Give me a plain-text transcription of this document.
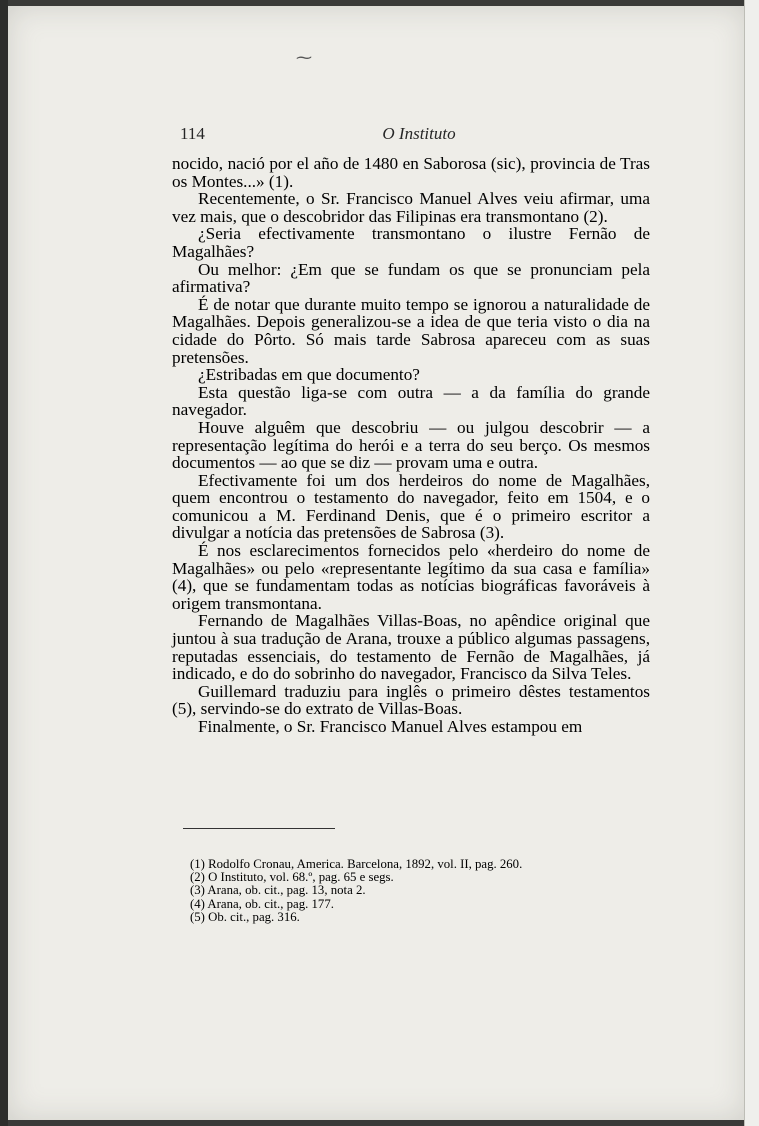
⁓
114	O Instituto

nocido, nació por el año de 1480 en Saborosa (sic), provincia de Tras os Montes...» (1).

Recentemente, o Sr. Francisco Manuel Alves veiu afirmar, uma vez mais, que o descobridor das Filipinas era transmontano (2).

¿Seria efectivamente transmontano o ilustre Fernão de Magalhães?

Ou melhor: ¿Em que se fundam os que se pronunciam pela afirmativa?

É de notar que durante muito tempo se ignorou a naturalidade de Magalhães. Depois generalizou-se a idea de que teria visto o dia na cidade do Pôrto. Só mais tarde Sabrosa apareceu com as suas pretensões.

¿Estribadas em que documento?

Esta questão liga-se com outra — a da família do grande navegador.

Houve alguêm que descobriu — ou julgou descobrir — a representação legítima do herói e a terra do seu berço. Os mesmos documentos — ao que se diz — provam uma e outra.

Efectivamente foi um dos herdeiros do nome de Magalhães, quem encontrou o testamento do navegador, feito em 1504, e o comunicou a M. Ferdinand Denis, que é o primeiro escritor a divulgar a notícia das pretensões de Sabrosa (3).

É nos esclarecimentos fornecidos pelo «herdeiro do nome de Magalhães» ou pelo «representante legítimo da sua casa e família» (4), que se fundamentam todas as notícias biográficas favoráveis à origem transmontana.

Fernando de Magalhães Villas-Boas, no apêndice original que juntou à sua tradução de Arana, trouxe a público algumas passagens, reputadas essenciais, do testamento de Fernão de Magalhães, já indicado, e do do sobrinho do navegador, Francisco da Silva Teles.

Guillemard traduziu para inglês o primeiro dêstes testamentos (5), servindo-se do extrato de Villas-Boas.

Finalmente, o Sr. Francisco Manuel Alves estampou em

(1) Rodolfo Cronau, America. Barcelona, 1892, vol. II, pag. 260.
(2) O Instituto, vol. 68.º, pag. 65 e segs.
(3) Arana, ob. cit., pag. 13, nota 2.
(4) Arana, ob. cit., pag. 177.
(5) Ob. cit., pag. 316.
